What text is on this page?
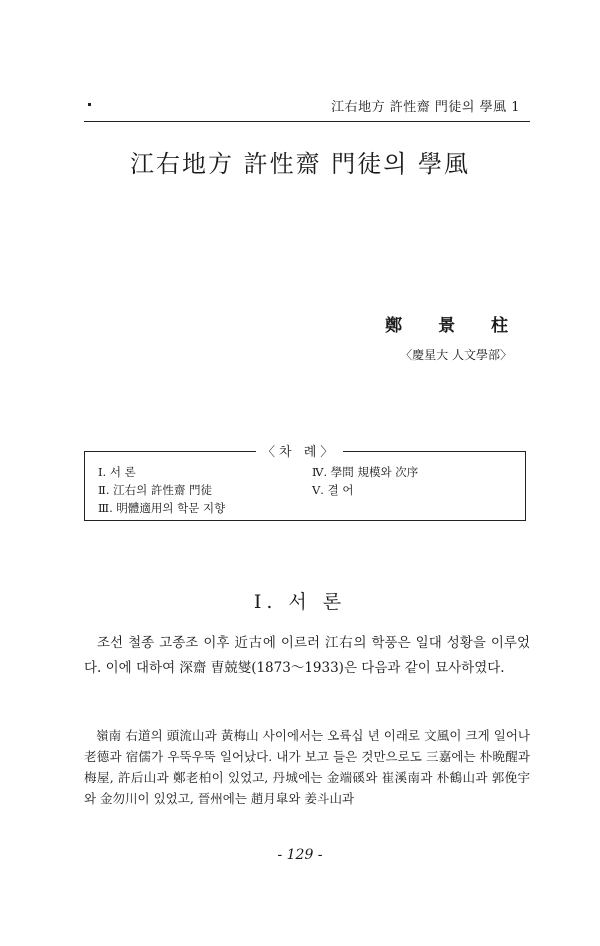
江右地方 許性齋 門徒의 學風 1
江右地方 許性齋 門徒의 學風
鄭 景 柱
〈慶星大 人文學部〉
〈차 례〉
Ⅰ. 서 론
Ⅱ. 江右의 許性齋 門徒
Ⅲ. 明體適用의 학문 지향
Ⅳ. 學問 規模와 次序
Ⅴ. 결 어
Ⅰ. 서 론
조선 철종 고종조 이후 近古에 이르러 江右의 학풍은 일대 성황을 이루었다. 이에 대하여 深齋 曺兢燮(1873～1933)은 다음과 같이 묘사하였다.
嶺南 右道의 頭流山과 黃梅山 사이에서는 오륙십 년 이래로 文風이 크게 일어나 老德과 宿儒가 우뚝우뚝 일어났다. 내가 보고 들은 것만으로도 三嘉에는 朴晩醒과 梅屋, 許后山과 鄭老柏이 있었고, 丹城에는 金端磎와 崔溪南과 朴鶴山과 郭俛宇와 金勿川이 있었고, 晉州에는 趙月皐와 姜斗山과
- 129 -
